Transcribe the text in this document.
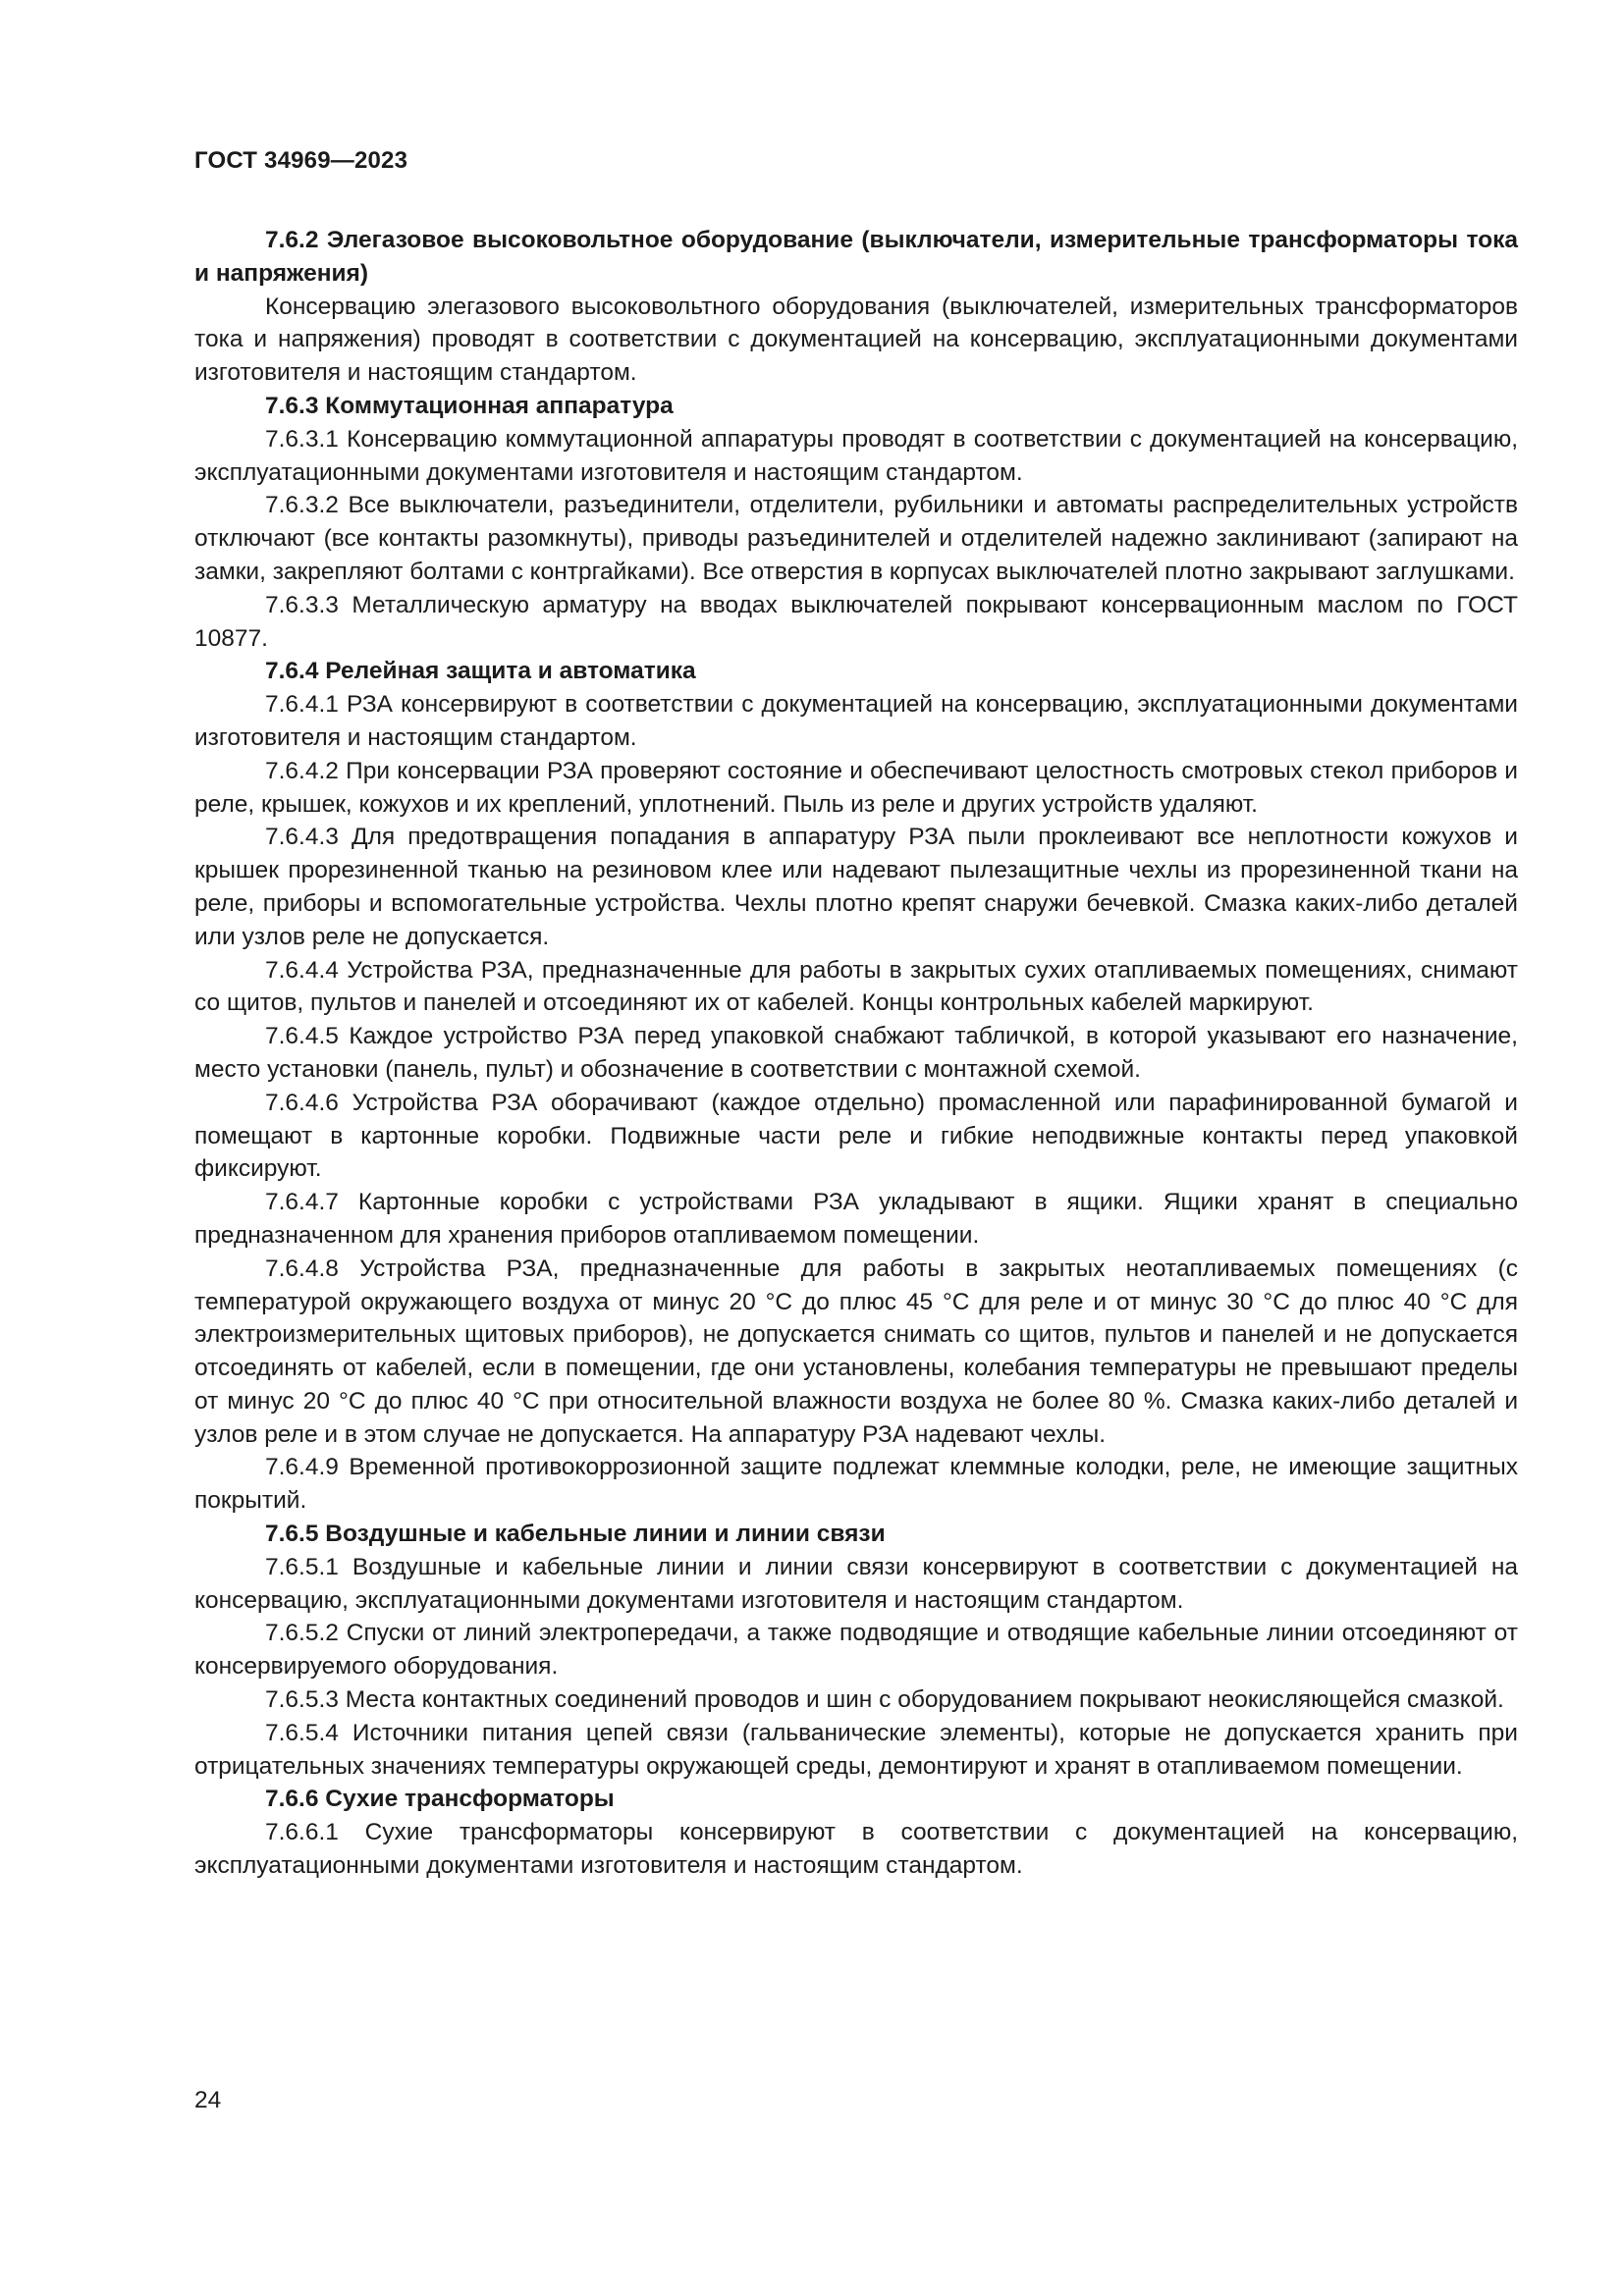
ГОСТ 34969—2023

7.6.2 Элегазовое высоковольтное оборудование (выключатели, измерительные трансформаторы тока и напряжения)

Консервацию элегазового высоковольтного оборудования (выключателей, измерительных трансформаторов тока и напряжения) проводят в соответствии с документацией на консервацию, эксплуатационными документами изготовителя и настоящим стандартом.

7.6.3 Коммутационная аппаратура

7.6.3.1 Консервацию коммутационной аппаратуры проводят в соответствии с документацией на консервацию, эксплуатационными документами изготовителя и настоящим стандартом.

7.6.3.2 Все выключатели, разъединители, отделители, рубильники и автоматы распределительных устройств отключают (все контакты разомкнуты), приводы разъединителей и отделителей надежно заклинивают (запирают на замки, закрепляют болтами с контргайками). Все отверстия в корпусах выключателей плотно закрывают заглушками.

7.6.3.3 Металлическую арматуру на вводах выключателей покрывают консервационным маслом по ГОСТ 10877.

7.6.4 Релейная защита и автоматика

7.6.4.1 РЗА консервируют в соответствии с документацией на консервацию, эксплуатационными документами изготовителя и настоящим стандартом.

7.6.4.2 При консервации РЗА проверяют состояние и обеспечивают целостность смотровых стекол приборов и реле, крышек, кожухов и их креплений, уплотнений. Пыль из реле и других устройств удаляют.

7.6.4.3 Для предотвращения попадания в аппаратуру РЗА пыли проклеивают все неплотности кожухов и крышек прорезиненной тканью на резиновом клее или надевают пылезащитные чехлы из прорезиненной ткани на реле, приборы и вспомогательные устройства. Чехлы плотно крепят снаружи бечевкой. Смазка каких-либо деталей или узлов реле не допускается.

7.6.4.4 Устройства РЗА, предназначенные для работы в закрытых сухих отапливаемых помещениях, снимают со щитов, пультов и панелей и отсоединяют их от кабелей. Концы контрольных кабелей маркируют.

7.6.4.5 Каждое устройство РЗА перед упаковкой снабжают табличкой, в которой указывают его назначение, место установки (панель, пульт) и обозначение в соответствии с монтажной схемой.

7.6.4.6 Устройства РЗА оборачивают (каждое отдельно) промасленной или парафинированной бумагой и помещают в картонные коробки. Подвижные части реле и гибкие неподвижные контакты перед упаковкой фиксируют.

7.6.4.7 Картонные коробки с устройствами РЗА укладывают в ящики. Ящики хранят в специально предназначенном для хранения приборов отапливаемом помещении.

7.6.4.8 Устройства РЗА, предназначенные для работы в закрытых неотапливаемых помещениях (с температурой окружающего воздуха от минус 20 °С до плюс 45 °С для реле и от минус 30 °С до плюс 40 °С для электроизмерительных щитовых приборов), не допускается снимать со щитов, пультов и панелей и не допускается отсоединять от кабелей, если в помещении, где они установлены, колебания температуры не превышают пределы от минус 20 °С до плюс 40 °С при относительной влажности воздуха не более 80 %. Смазка каких-либо деталей и узлов реле и в этом случае не допускается. На аппаратуру РЗА надевают чехлы.

7.6.4.9 Временной противокоррозионной защите подлежат клеммные колодки, реле, не имеющие защитных покрытий.

7.6.5 Воздушные и кабельные линии и линии связи

7.6.5.1 Воздушные и кабельные линии и линии связи консервируют в соответствии с документацией на консервацию, эксплуатационными документами изготовителя и настоящим стандартом.

7.6.5.2 Спуски от линий электропередачи, а также подводящие и отводящие кабельные линии отсоединяют от консервируемого оборудования.

7.6.5.3 Места контактных соединений проводов и шин с оборудованием покрывают неокисляющейся смазкой.

7.6.5.4 Источники питания цепей связи (гальванические элементы), которые не допускается хранить при отрицательных значениях температуры окружающей среды, демонтируют и хранят в отапливаемом помещении.

7.6.6 Сухие трансформаторы

7.6.6.1 Сухие трансформаторы консервируют в соответствии с документацией на консервацию, эксплуатационными документами изготовителя и настоящим стандартом.

24
